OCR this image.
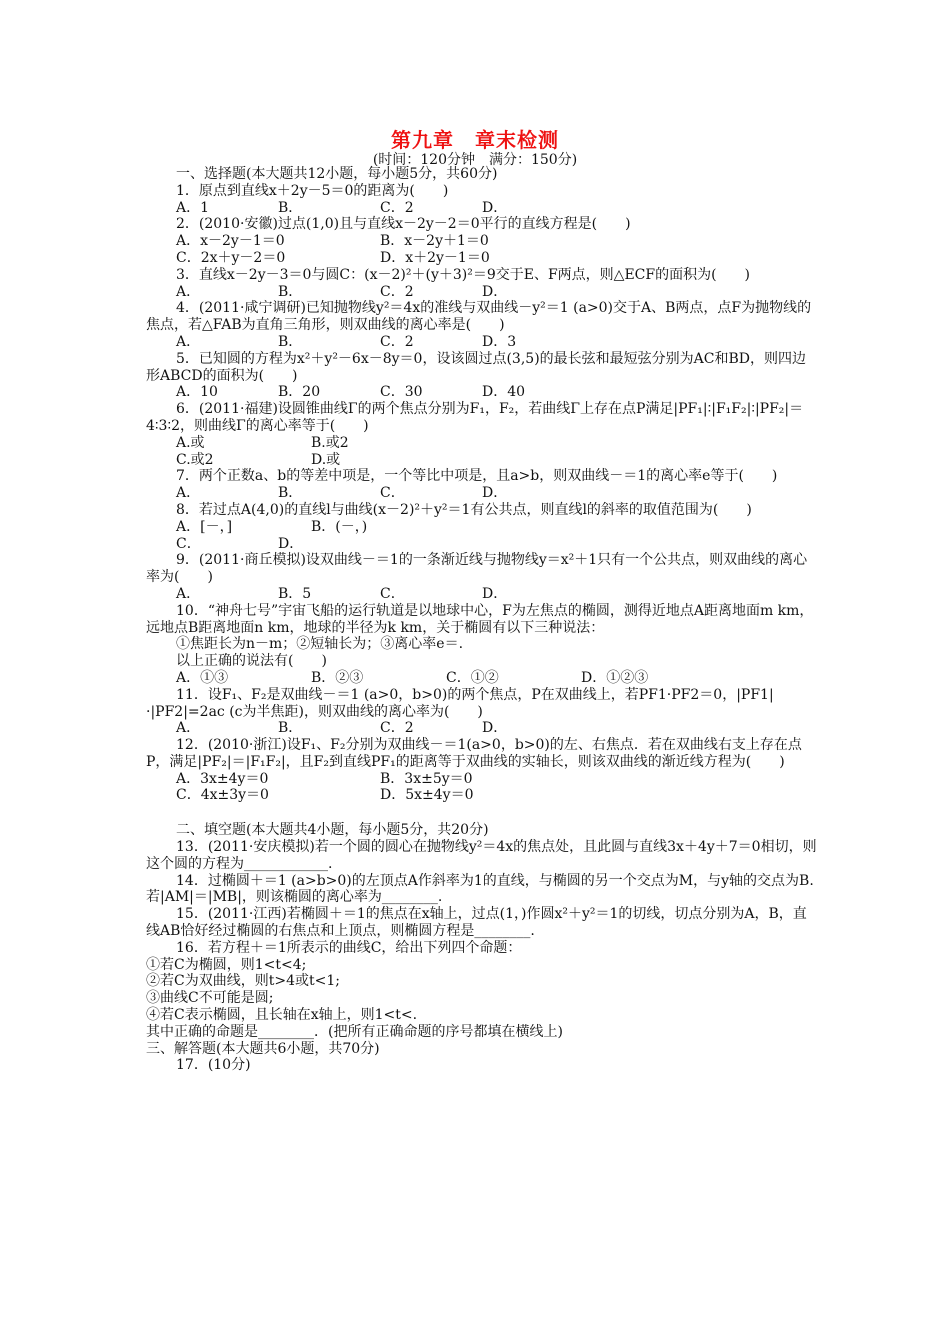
第九章　章末检测
(时间：120分钟　满分：150分)
一、选择题(本大题共12小题，每小题5分，共60分)
1．原点到直线x＋2y－5＝0的距离为(　　)
A．1	B．	C．2	D．
2．(2010·安徽)过点(1,0)且与直线x－2y－2＝0平行的直线方程是(　　)
A．x－2y－1＝0	B．x－2y＋1＝0
C．2x＋y－2＝0	D．x＋2y－1＝0
3．直线x－2y－3＝0与圆C：(x－2)²＋(y＋3)²＝9交于E、F两点，则△ECF的面积为(　　)
A．	B．	C．2	D．
4．(2011·咸宁调研)已知抛物线y²＝4x的准线与双曲线－y²＝1 (a>0)交于A、B两点，点F为抛物线的焦点，若△FAB为直角三角形，则双曲线的离心率是(　　)
A．	B．	C．2	D．3
5．已知圆的方程为x²＋y²－6x－8y＝0，设该圆过点(3,5)的最长弦和最短弦分别为AC和BD，则四边形ABCD的面积为(　　)
A．10	B．20	C．30	D．40
6．(2011·福建)设圆锥曲线Γ的两个焦点分别为F₁，F₂，若曲线Γ上存在点P满足|PF₁|∶|F₁F₂|∶|PF₂|＝4∶3∶2，则曲线Γ的离心率等于(　　)
A.或	B.或2
C.或2	D.或
7．两个正数a、b的等差中项是，一个等比中项是，且a>b，则双曲线－＝1的离心率e等于(　　)
A．	B．	C．	D．
8．若过点A(4,0)的直线l与曲线(x－2)²＋y²＝1有公共点，则直线l的斜率的取值范围为(　　)
A．[－，]	B．(－，)
C．	D．
9．(2011·商丘模拟)设双曲线－＝1的一条渐近线与抛物线y＝x²＋1只有一个公共点，则双曲线的离心率为(　　)
A．	B．5	C．	D．
10．“神舟七号”宇宙飞船的运行轨道是以地球中心，F为左焦点的椭圆，测得近地点A距离地面m km，远地点B距离地面n km，地球的半径为k km，关于椭圆有以下三种说法：
①焦距长为n－m；②短轴长为；③离心率e＝.
以上正确的说法有(　　)
A．①③	B．②③	C．①②	D．①②③
11．设F₁、F₂是双曲线－＝1 (a>0，b>0)的两个焦点，P在双曲线上，若PF1·PF2＝0，|PF1|·|PF2|=2ac (c为半焦距)，则双曲线的离心率为(　　)
A．	B．	C．2	D．
12．(2010·浙江)设F₁、F₂分别为双曲线－＝1(a>0，b>0)的左、右焦点．若在双曲线右支上存在点P，满足|PF₂|＝|F₁F₂|，且F₂到直线PF₁的距离等于双曲线的实轴长，则该双曲线的渐近线方程为(　　)
A．3x±4y＝0	B．3x±5y＝0
C．4x±3y＝0	D．5x±4y＝0
二、填空题(本大题共4小题，每小题5分，共20分)
13．(2011·安庆模拟)若一个圆的圆心在抛物线y²＝4x的焦点处，且此圆与直线3x＋4y＋7＝0相切，则这个圆的方程为____________.
14．过椭圆＋＝1 (a>b>0)的左顶点A作斜率为1的直线，与椭圆的另一个交点为M，与y轴的交点为B.若|AM|＝|MB|，则该椭圆的离心率为________.
15．(2011·江西)若椭圆＋＝1的焦点在x轴上，过点(1，)作圆x²＋y²＝1的切线，切点分别为A，B，直线AB恰好经过椭圆的右焦点和上顶点，则椭圆方程是________.
16．若方程＋＝1所表示的曲线C，给出下列四个命题：
①若C为椭圆，则1<t<4;
②若C为双曲线，则t>4或t<1;
③曲线C不可能是圆;
④若C表示椭圆，且长轴在x轴上，则1<t<.
其中正确的命题是________．(把所有正确命题的序号都填在横线上)
三、解答题(本大题共6小题，共70分)
17．(10分)
